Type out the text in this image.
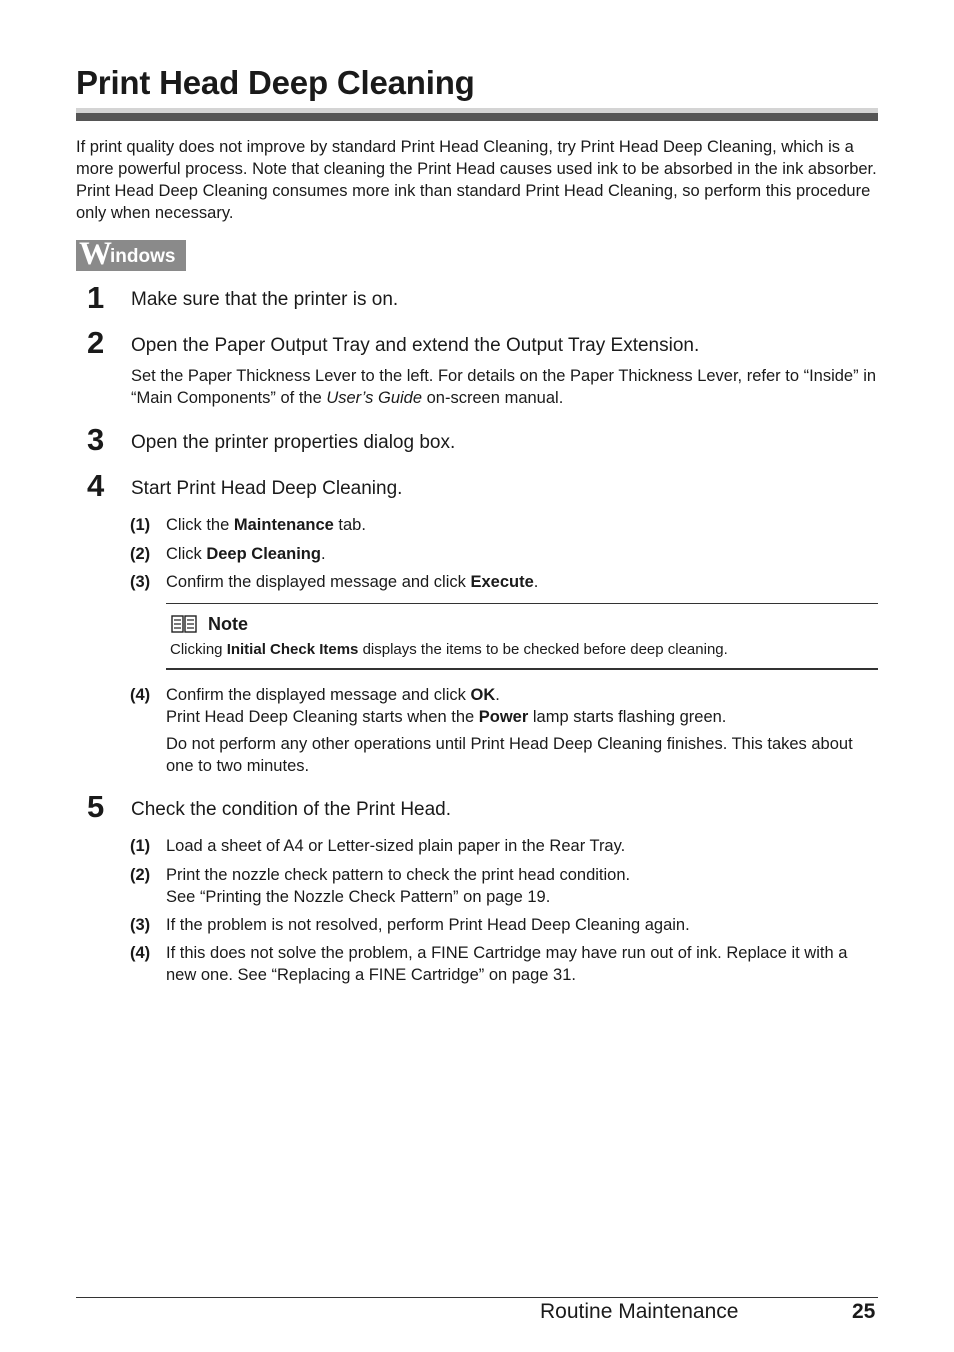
Print Head Deep Cleaning
If print quality does not improve by standard Print Head Cleaning, try Print Head Deep Cleaning, which is a more powerful process. Note that cleaning the Print Head causes used ink to be absorbed in the ink absorber. Print Head Deep Cleaning consumes more ink than standard Print Head Cleaning, so perform this procedure only when necessary.
W
indows
1 Make sure that the printer is on.
2 Open the Paper Output Tray and extend the Output Tray Extension.
Set the Paper Thickness Lever to the left. For details on the Paper Thickness Lever, refer to “Inside” in “Main Components” of the User’s Guide on-screen manual.
3 Open the printer properties dialog box.
4 Start Print Head Deep Cleaning.
(1) Click the Maintenance tab.
(2) Click Deep Cleaning.
(3) Confirm the displayed message and click Execute.
Note
Clicking Initial Check Items displays the items to be checked before deep cleaning.
(4) Confirm the displayed message and click OK.
Print Head Deep Cleaning starts when the Power lamp starts flashing green.
Do not perform any other operations until Print Head Deep Cleaning finishes. This takes about one to two minutes.
5 Check the condition of the Print Head.
(1) Load a sheet of A4 or Letter-sized plain paper in the Rear Tray.
(2) Print the nozzle check pattern to check the print head condition.
See “Printing the Nozzle Check Pattern” on page 19.
(3) If the problem is not resolved, perform Print Head Deep Cleaning again.
(4) If this does not solve the problem, a FINE Cartridge may have run out of ink. Replace it with a new one. See “Replacing a FINE Cartridge” on page 31.
Routine Maintenance	25
